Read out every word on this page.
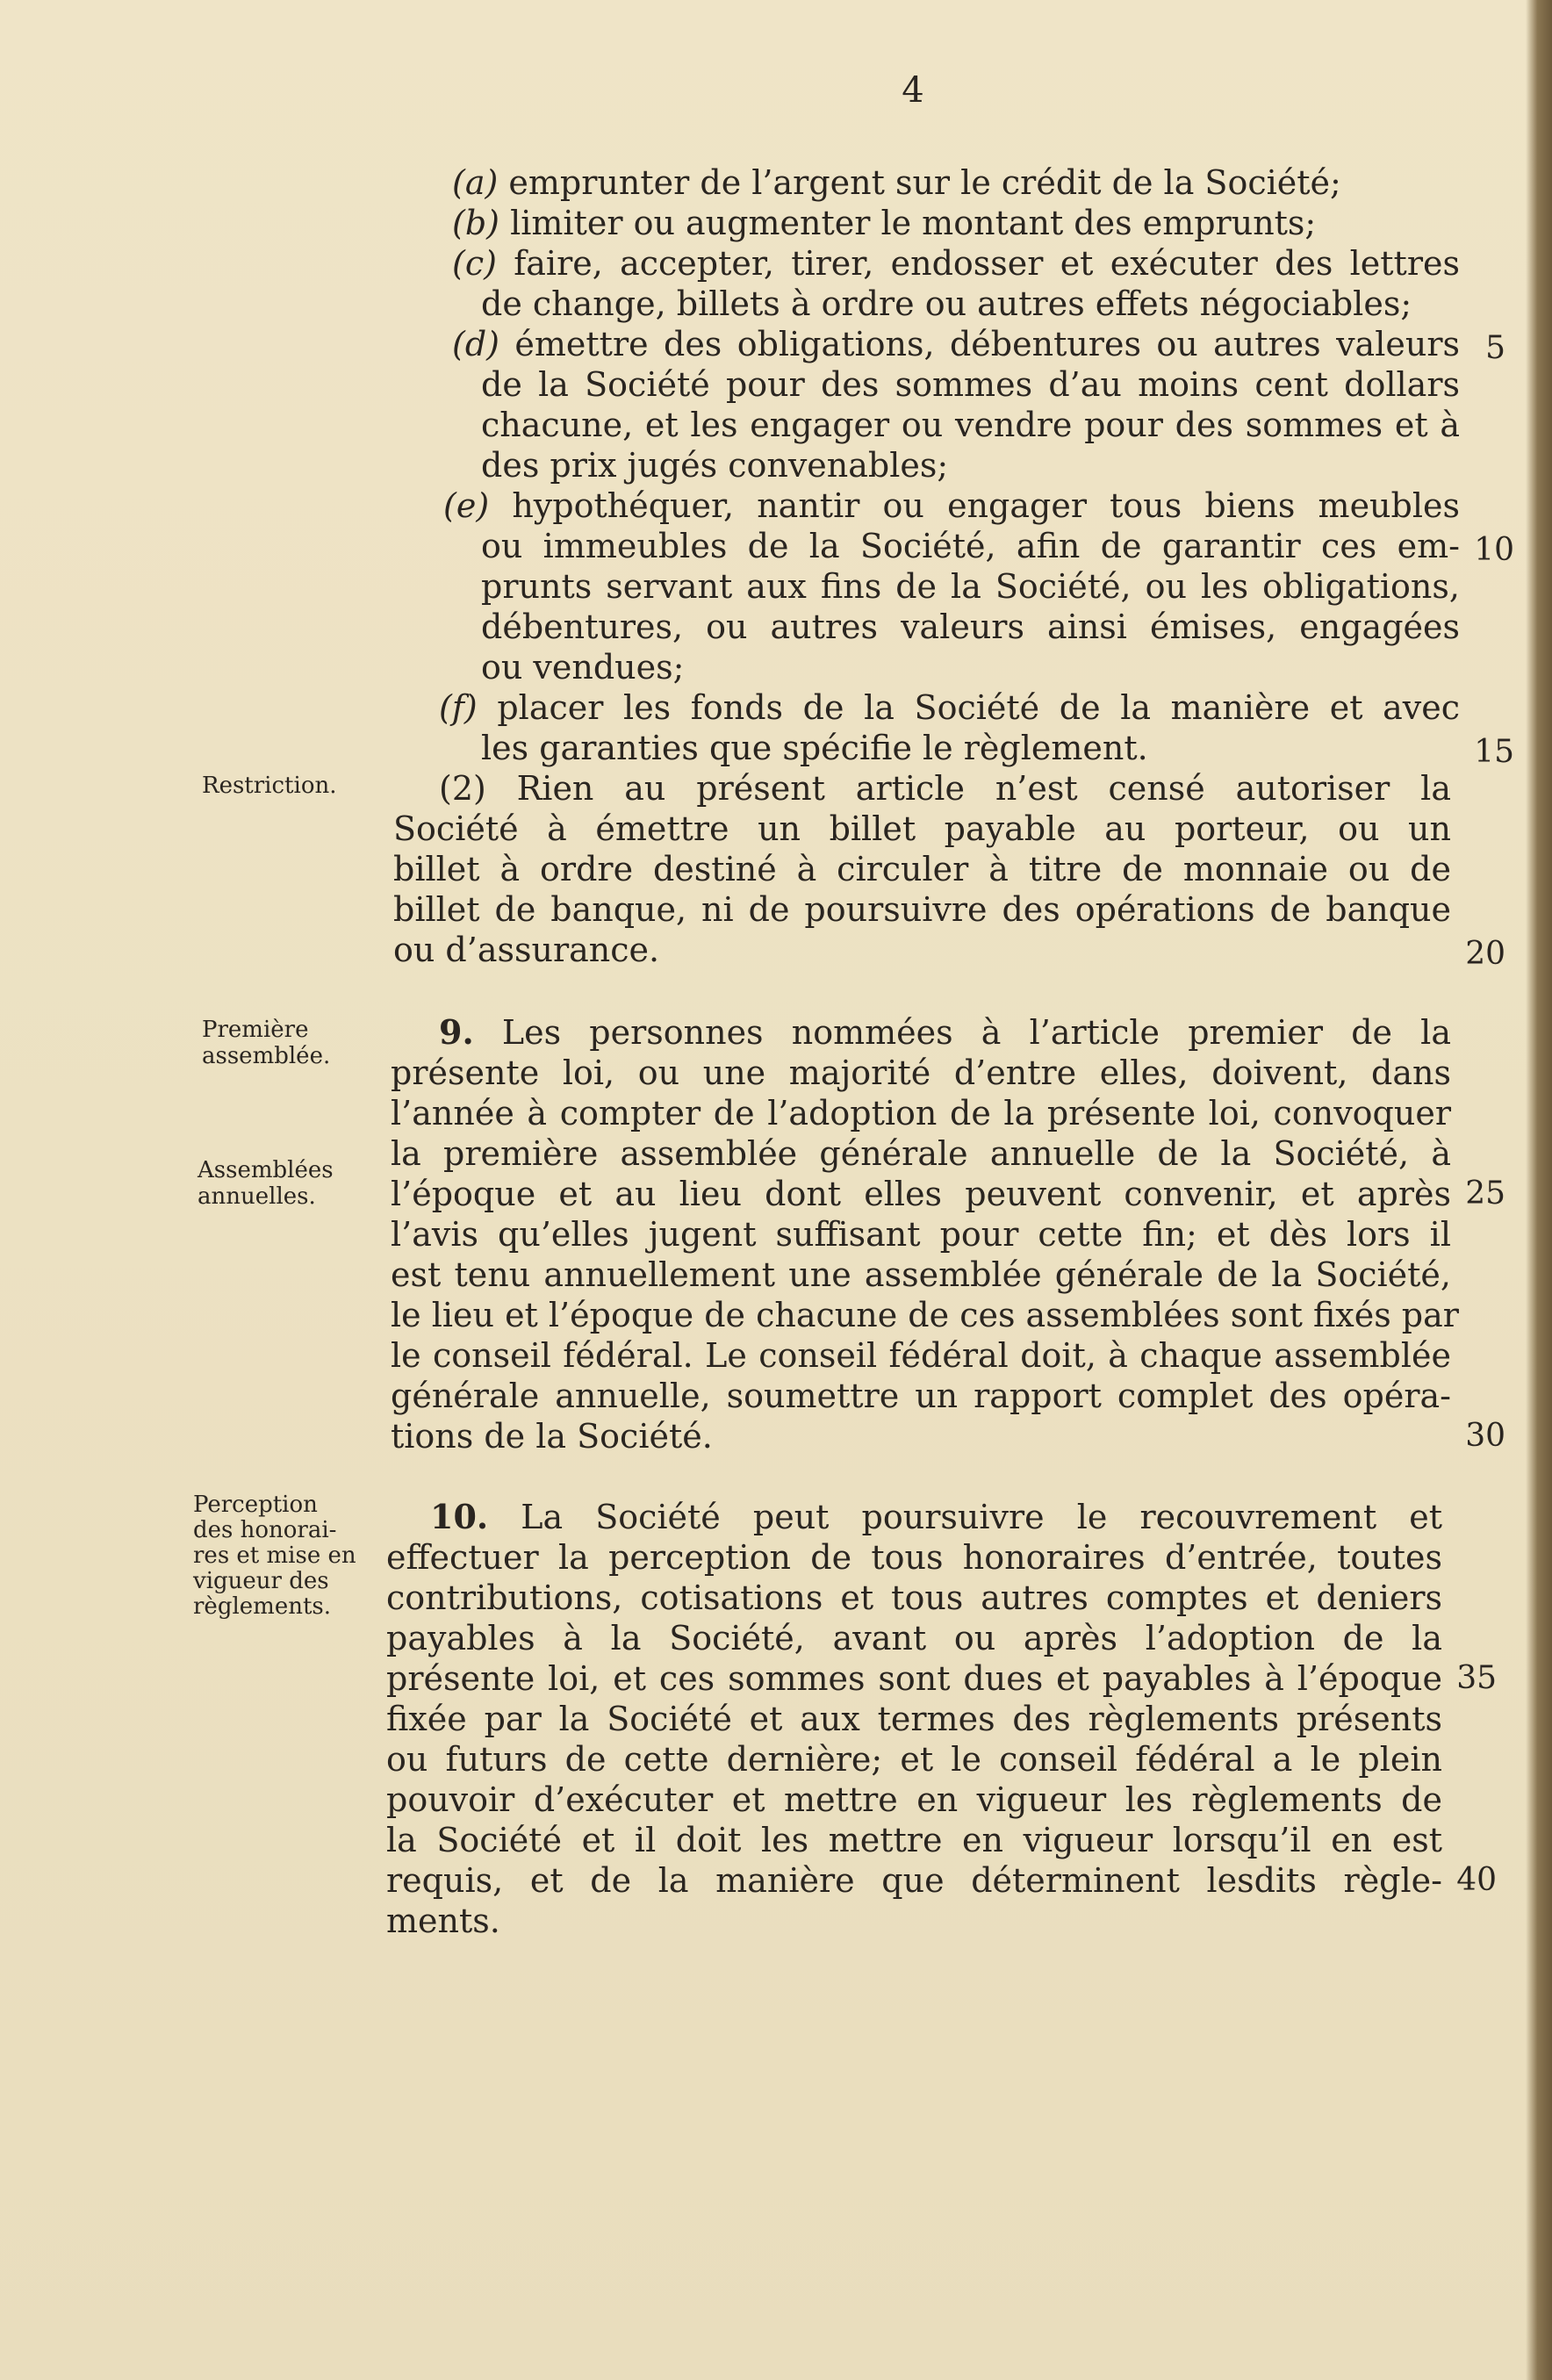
4
(a) emprunter de l’argent sur le crédit de la Société;
(b) limiter ou augmenter le montant des emprunts;
(c) faire, accepter, tirer, endosser et exécuter des lettres
de change, billets à ordre ou autres effets négociables;
(d) émettre des obligations, débentures ou autres valeurs
de la Société pour des sommes d’au moins cent dollars
chacune, et les engager ou vendre pour des sommes et à
des prix jugés convenables;
(e) hypothéquer, nantir ou engager tous biens meubles
ou immeubles de la Société, afin de garantir ces em-
prunts servant aux fins de la Société, ou les obligations,
débentures, ou autres valeurs ainsi émises, engagées
ou vendues;
(f) placer les fonds de la Société de la manière et avec
les garanties que spécifie le règlement.
(2) Rien au présent article n’est censé autoriser la
Société à émettre un billet payable au porteur, ou un
billet à ordre destiné à circuler à titre de monnaie ou de
billet de banque, ni de poursuivre des opérations de banque
ou d’assurance.
9. Les personnes nommées à l’article premier de la
présente loi, ou une majorité d’entre elles, doivent, dans
l’année à compter de l’adoption de la présente loi, convoquer
la première assemblée générale annuelle de la Société, à
l’époque et au lieu dont elles peuvent convenir, et après
l’avis qu’elles jugent suffisant pour cette fin; et dès lors il
est tenu annuellement une assemblée générale de la Société,
le lieu et l’époque de chacune de ces assemblées sont fixés par
le conseil fédéral. Le conseil fédéral doit, à chaque assemblée
générale annuelle, soumettre un rapport complet des opéra-
tions de la Société.
10. La Société peut poursuivre le recouvrement et
effectuer la perception de tous honoraires d’entrée, toutes
contributions, cotisations et tous autres comptes et deniers
payables à la Société, avant ou après l’adoption de la
présente loi, et ces sommes sont dues et payables à l’époque
fixée par la Société et aux termes des règlements présents
ou futurs de cette dernière; et le conseil fédéral a le plein
pouvoir d’exécuter et mettre en vigueur les règlements de
la Société et il doit les mettre en vigueur lorsqu’il en est
requis, et de la manière que déterminent lesdits règle-
ments.
Restriction.
Première
assemblée.
Assemblées
annuelles.
Perception
des honorai-
res et mise en
vigueur des
règlements.
5
10
15
20
25
30
35
40
